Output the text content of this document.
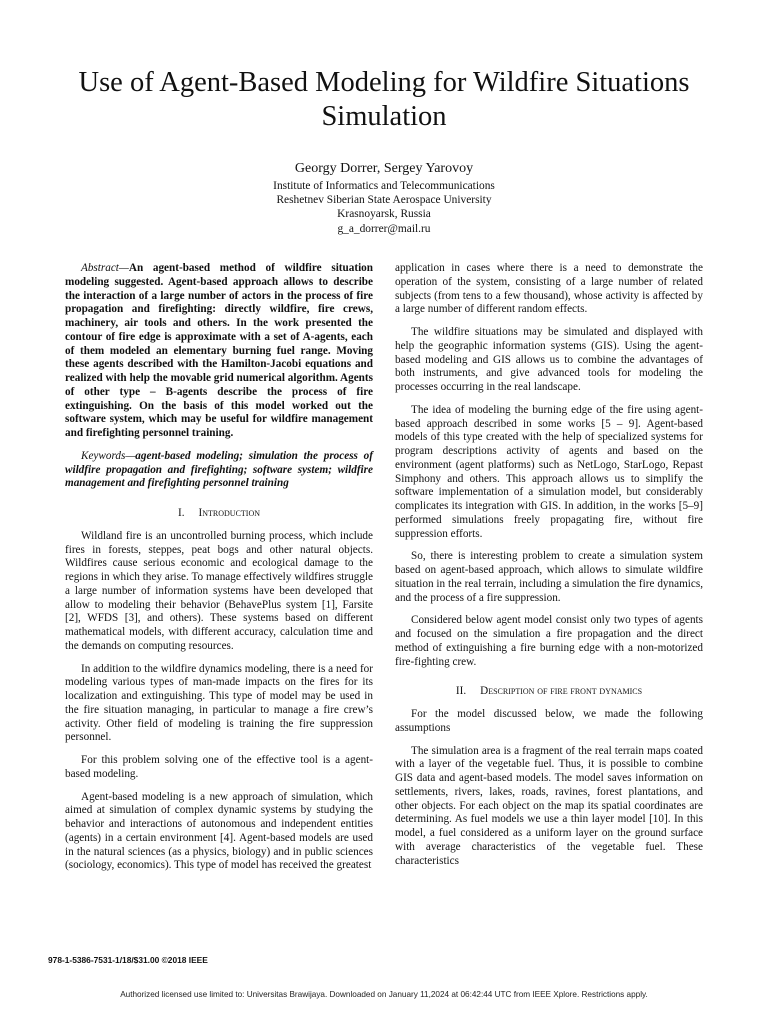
Use of Agent-Based Modeling for Wildfire Situations Simulation
Georgy Dorrer, Sergey Yarovoy
Institute of Informatics and Telecommunications
Reshetnev Siberian State Aerospace University
Krasnoyarsk, Russia
g_a_dorrer@mail.ru

Abstract—An agent-based method of wildfire situation modeling suggested. Agent-based approach allows to describe the interaction of a large number of actors in the process of fire propagation and firefighting: directly wildfire, fire crews, machinery, air tools and others. In the work presented the contour of fire edge is approximate with a set of A-agents, each of them modeled an elementary burning fuel range. Moving these agents described with the Hamilton-Jacobi equations and realized with help the movable grid numerical algorithm. Agents of other type – B-agents describe the process of fire extinguishing. On the basis of this model worked out the software system, which may be useful for wildfire management and firefighting personnel training.

Keywords—agent-based modeling; simulation the process of wildfire propagation and firefighting; software system; wildfire management and firefighting personnel training

I. Introduction

Wildland fire is an uncontrolled burning process, which include fires in forests, steppes, peat bogs and other natural objects. Wildfires cause serious economic and ecological damage to the regions in which they arise. To manage effectively wildfires struggle a large number of information systems have been developed that allow to modeling their behavior (BehavePlus system [1], Farsite [2], WFDS [3], and others). These systems based on different mathematical models, with different accuracy, calculation time and the demands on computing resources.

In addition to the wildfire dynamics modeling, there is a need for modeling various types of man-made impacts on the fires for its localization and extinguishing. This type of model may be used in the fire situation managing, in particular to manage a fire crew’s activity. Other field of modeling is training the fire suppression personnel.

For this problem solving one of the effective tool is a agent-based modeling.

Agent-based modeling is a new approach of simulation, which aimed at simulation of complex dynamic systems by studying the behavior and interactions of autonomous and independent entities (agents) in a certain environment [4]. Agent-based models are used in the natural sciences (as a physics, biology) and in public sciences (sociology, economics). This type of model has received the greatest

application in cases where there is a need to demonstrate the operation of the system, consisting of a large number of related subjects (from tens to a few thousand), whose activity is affected by a large number of different random effects.

The wildfire situations may be simulated and displayed with help the geographic information systems (GIS). Using the agent-based modeling and GIS allows us to combine the advantages of both instruments, and give advanced tools for modeling the processes occurring in the real landscape.

The idea of modeling the burning edge of the fire using agent-based approach described in some works [5 – 9]. Agent-based models of this type created with the help of specialized systems for program descriptions activity of agents and based on the environment (agent platforms) such as NetLogo, StarLogo, Repast Simphony and others. This approach allows us to simplify the software implementation of a simulation model, but considerably complicates its integration with GIS. In addition, in the works [5–9] performed simulations freely propagating fire, without fire suppression efforts.

So, there is interesting problem to create a simulation system based on agent-based approach, which allows to simulate wildfire situation in the real terrain, including a simulation the fire dynamics, and the process of a fire suppression.

Considered below agent model consist only two types of agents and focused on the simulation a fire propagation and the direct method of extinguishing a fire burning edge with a non-motorized fire-fighting crew.

II. Description of fire front dynamics

For the model discussed below, we made the following assumptions

The simulation area is a fragment of the real terrain maps coated with a layer of the vegetable fuel. Thus, it is possible to combine GIS data and agent-based models. The model saves information on settlements, rivers, lakes, roads, ravines, forest plantations, and other objects. For each object on the map its spatial coordinates are determining. As fuel models we use a thin layer model [10]. In this model, a fuel considered as a uniform layer on the ground surface with average characteristics of the vegetable fuel. These characteristics

978-1-5386-7531-1/18/$31.00 ©2018 IEEE
Authorized licensed use limited to: Universitas Brawijaya. Downloaded on January 11,2024 at 06:42:44 UTC from IEEE Xplore. Restrictions apply.
